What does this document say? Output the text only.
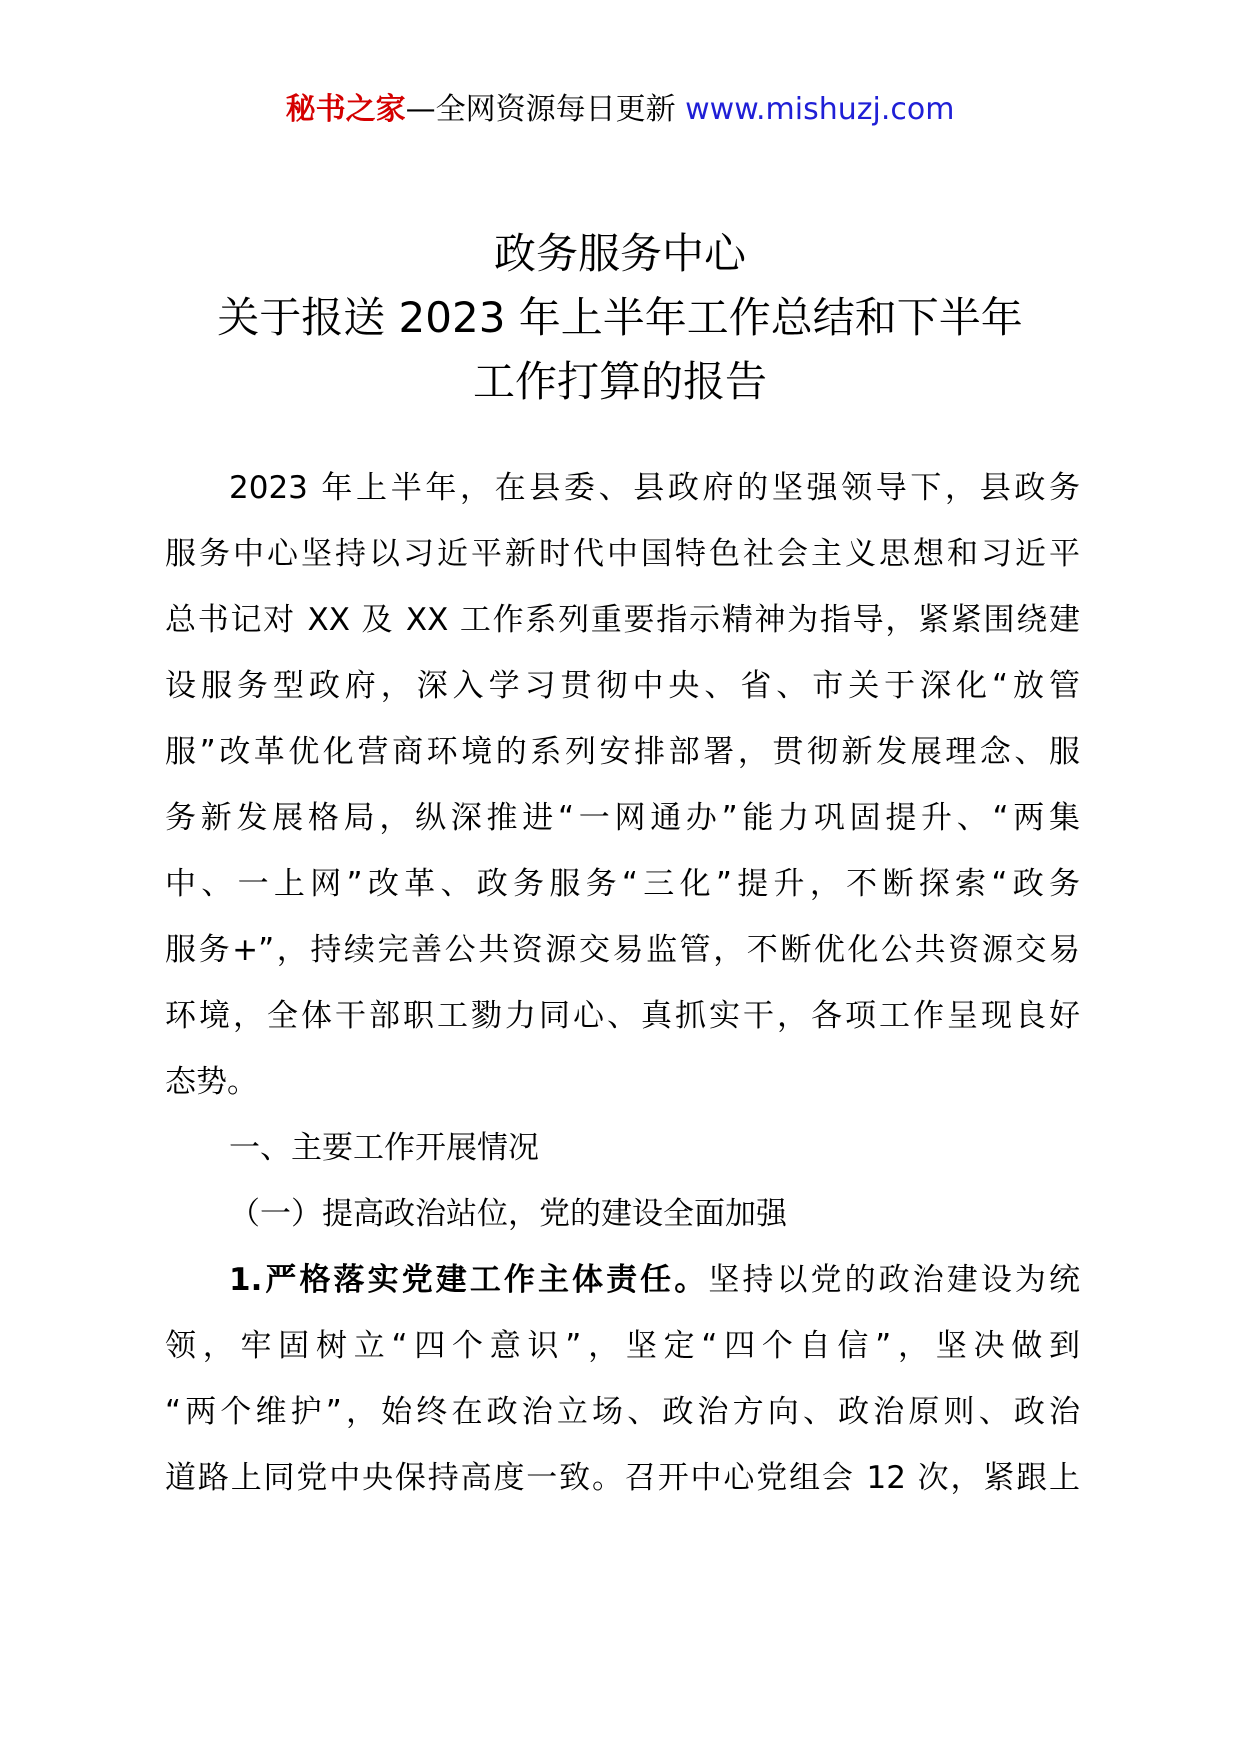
秘书之家—全网资源每日更新 www.mishuzj.com
政务服务中心
关于报送 2023 年上半年工作总结和下半年
工作打算的报告
2023 年上半年，在县委、县政府的坚强领导下，县政务
服务中心坚持以习近平新时代中国特色社会主义思想和习近平
总书记对 XX 及 XX 工作系列重要指示精神为指导，紧紧围绕建
设服务型政府，深入学习贯彻中央、省、市关于深化“放管
服”改革优化营商环境的系列安排部署，贯彻新发展理念、服
务新发展格局，纵深推进“一网通办”能力巩固提升、“两集
中、一上网”改革、政务服务“三化”提升，不断探索“政务
服务+”，持续完善公共资源交易监管，不断优化公共资源交易
环境，全体干部职工勠力同心、真抓实干，各项工作呈现良好
态势。
一、主要工作开展情况
（一）提高政治站位，党的建设全面加强
1.严格落实党建工作主体责任。坚持以党的政治建设为统
领，牢固树立“四个意识”，坚定“四个自信”，坚决做到
“两个维护”，始终在政治立场、政治方向、政治原则、政治
道路上同党中央保持高度一致。召开中心党组会 12 次，紧跟上
